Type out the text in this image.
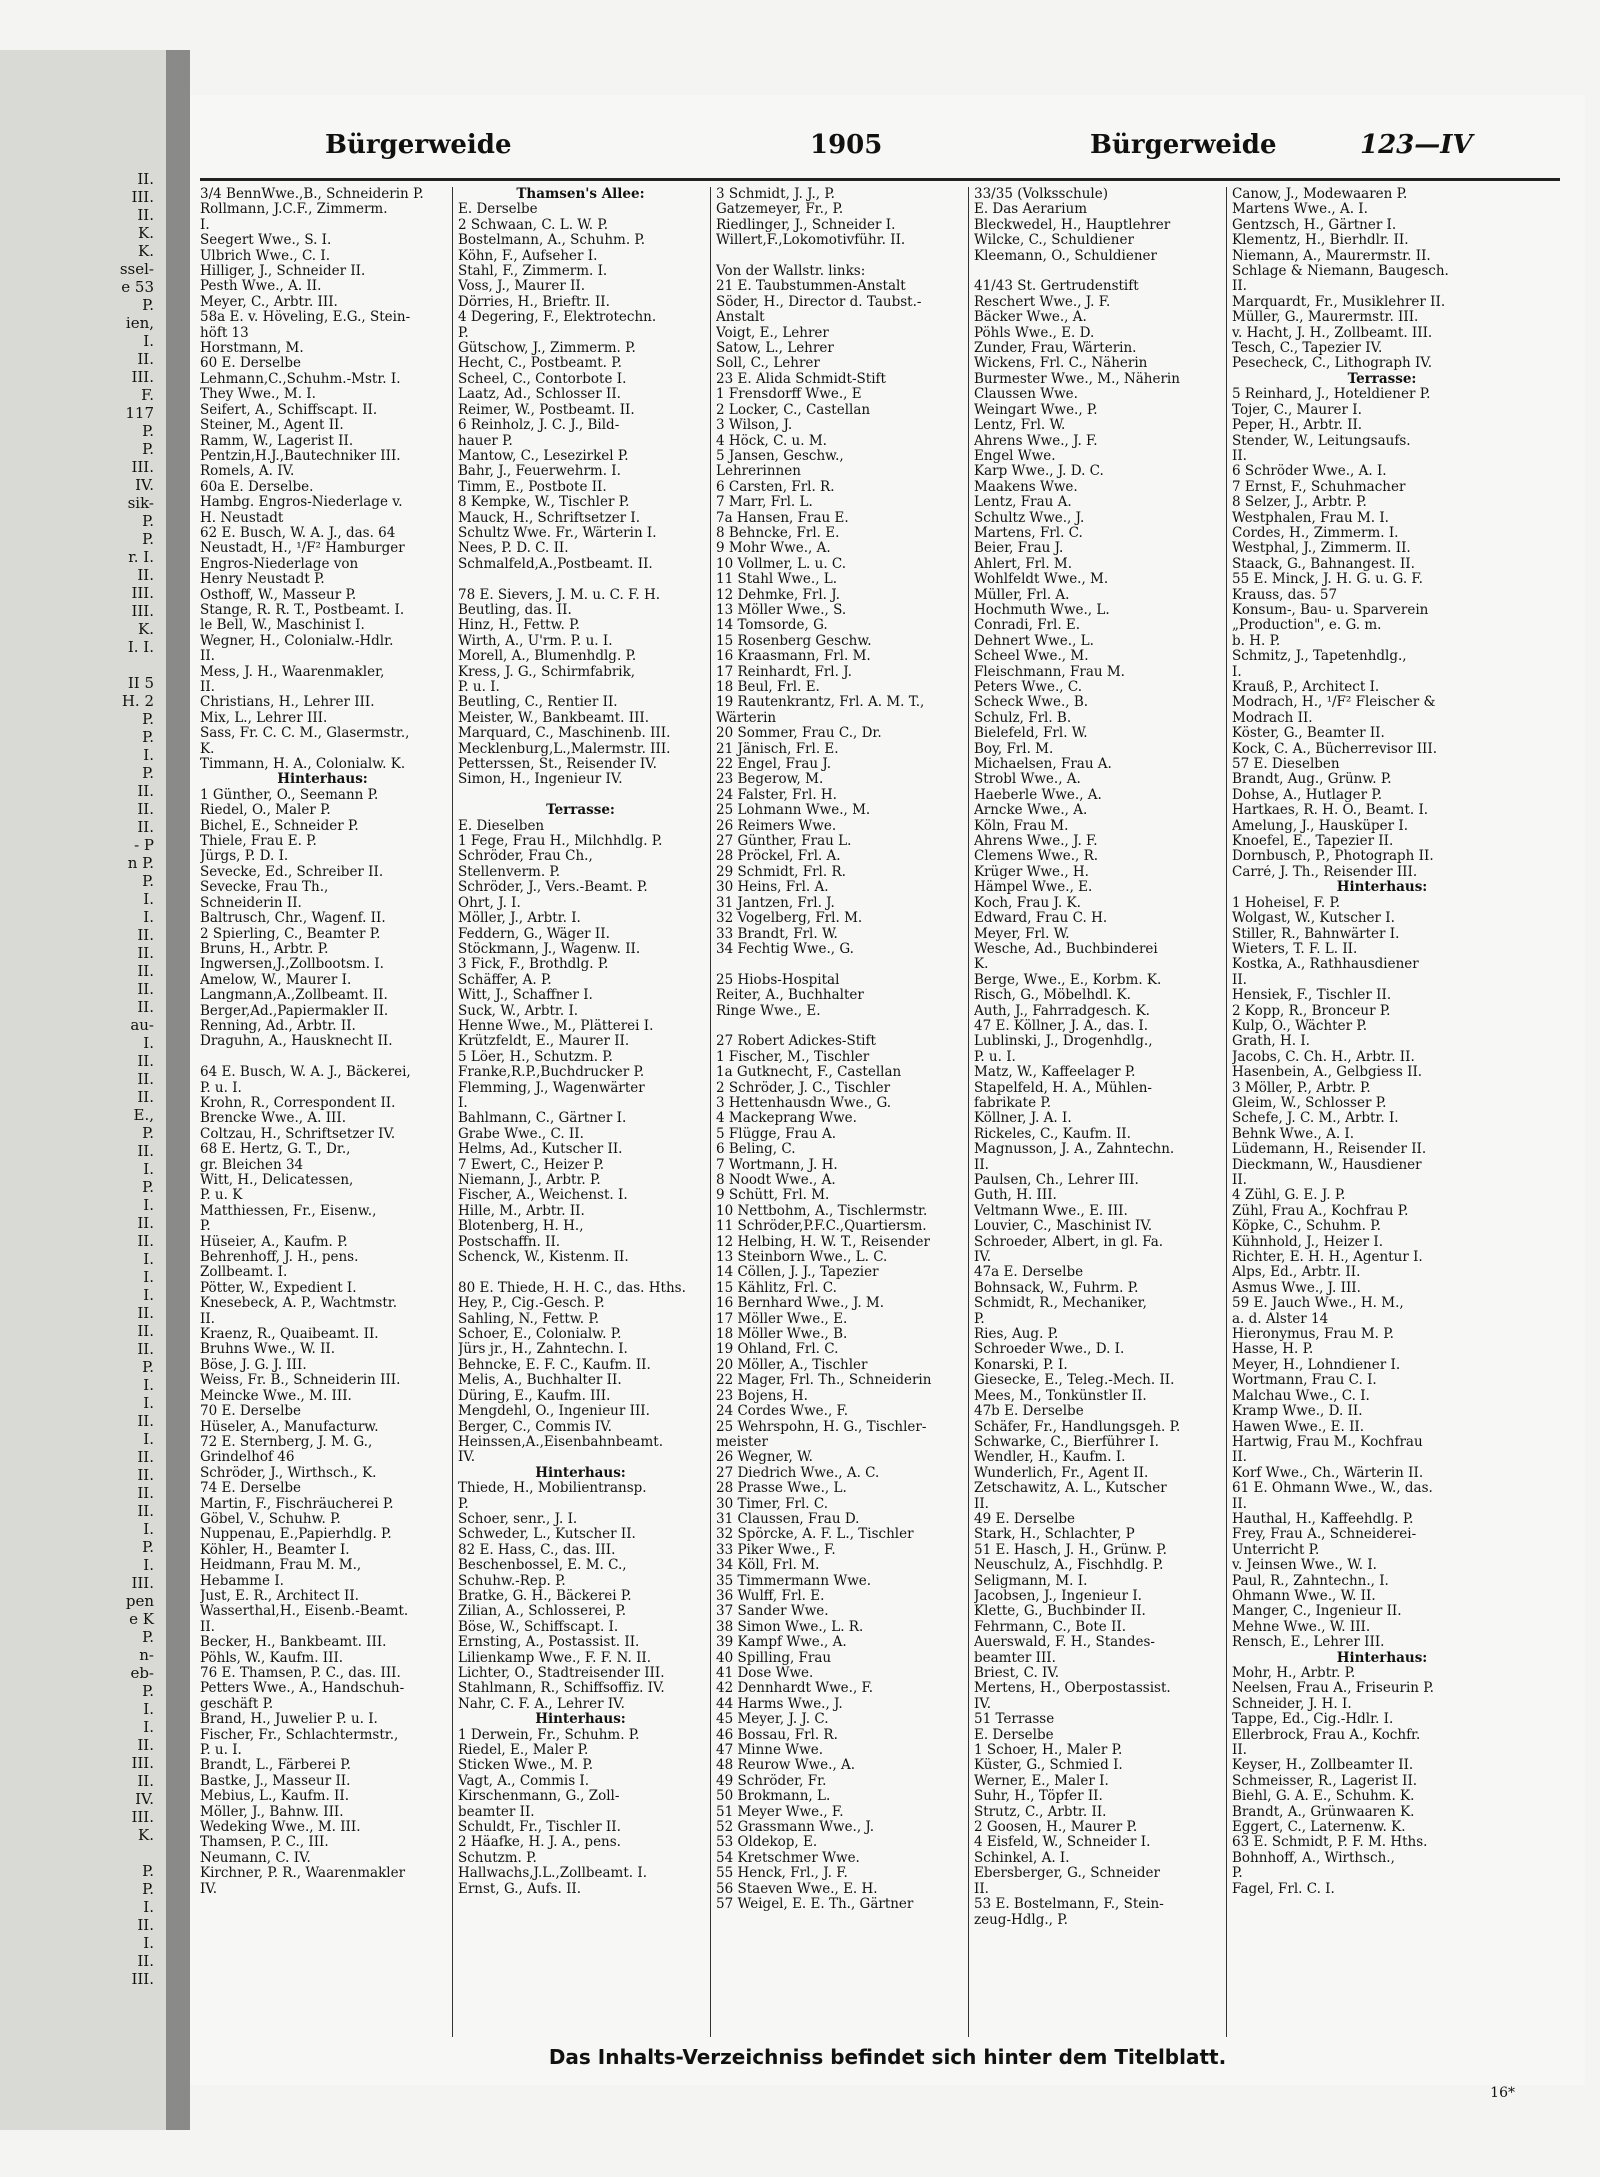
II.
III.
II.
K.
K.
ssel-
e 53
P.
ien,
I.
II.
III.
F.
117
P.
P.
III.
IV.
sik-
P.
P.
r. I.
II.
III.
III.
K.
I. I.

II 5
H. 2
P.
P.
I.
P.
II.
II.
II.
- P
n P.
P.
I.
I.
II.
II.
II.
II.
II.
au-
I.
II.
II.
II.
E.,
P.
II.
I.
P.
I.
II.
II.
I.
I.
I.
II.
II.
II.
P.
I.
I.
II.
I.
II.
II.
II.
II.
I.
P.
I.
III.
pen
e K
P.
n-
eb-
P.
I.
I.
II.
III.
II.
IV.
III.
K.

P.
P.
I.
II.
I.
II.
III.
Bürgerweide	1905	Bürgerweide	123—IV
3/4 BennWwe.,B., Schneiderin P.
Rollmann, J.C.F., Zimmerm.
I.
Seegert Wwe., S. I.
Ulbrich Wwe., C. I.
Hilliger, J., Schneider II.
Pesth Wwe., A. II.
Meyer, C., Arbtr. III.
58a E. v. Höveling, E.G., Stein-
höft 13
Horstmann, M.
60 E. Derselbe
Lehmann,C.,Schuhm.-Mstr. I.
They Wwe., M. I.
Seifert, A., Schiffscapt. II.
Steiner, M., Agent II.
Ramm, W., Lagerist II.
Pentzin,H.J.,Bautechniker III.
Romels, A. IV.
60a E. Derselbe.
Hambg. Engros-Niederlage v.
H. Neustadt
62 E. Busch, W. A. J., das. 64
Neustadt, H., ¹/F² Hamburger
Engros-Niederlage von
Henry Neustadt P.
Osthoff, W., Masseur P.
Stange, R. R. T., Postbeamt. I.
le Bell, W., Maschinist I.
Wegner, H., Colonialw.-Hdlr.
II.
Mess, J. H., Waarenmakler,
II.
Christians, H., Lehrer III.
Mix, L., Lehrer III.
Sass, Fr. C. C. M., Glasermstr.,
K.
Timmann, H. A., Colonialw. K.
Hinterhaus:
1 Günther, O., Seemann P.
Riedel, O., Maler P.
Bichel, E., Schneider P.
Thiele, Frau E. P.
Jürgs, P. D. I.
Sevecke, Ed., Schreiber II.
Sevecke, Frau Th.,
Schneiderin II.
Baltrusch, Chr., Wagenf. II.
2 Spierling, C., Beamter P.
Bruns, H., Arbtr. P.
Ingwersen,J.,Zollbootsm. I.
Amelow, W., Maurer I.
Langmann,A.,Zollbeamt. II.
Berger,Ad.,Papiermakler II.
Renning, Ad., Arbtr. II.
Draguhn, A., Hausknecht II.

64 E. Busch, W. A. J., Bäckerei,
P. u. I.
Krohn, R., Correspondent II.
Brencke Wwe., A. III.
Coltzau, H., Schriftsetzer IV.
68 E. Hertz, G. T., Dr.,
gr. Bleichen 34
Witt, H., Delicatessen,
P. u. K
Matthiessen, Fr., Eisenw.,
P.
Hüseier, A., Kaufm. P.
Behrenhoff, J. H., pens.
Zollbeamt. I.
Pötter, W., Expedient I.
Knesebeck, A. P., Wachtmstr.
II.
Kraenz, R., Quaibeamt. II.
Bruhns Wwe., W. II.
Böse, J. G. J. III.
Weiss, Fr. B., Schneiderin III.
Meincke Wwe., M. III.
70 E. Derselbe
Hüseler, A., Manufacturw.
72 E. Sternberg, J. M. G.,
Grindelhof 46
Schröder, J., Wirthsch., K.
74 E. Derselbe
Martin, F., Fischräucherei P.
Göbel, V., Schuhw. P.
Nuppenau, E.,Papierhdlg. P.
Köhler, H., Beamter I.
Heidmann, Frau M. M.,
Hebamme I.
Just, E. R., Architect II.
Wasserthal,H., Eisenb.-Beamt.
II.
Becker, H., Bankbeamt. III.
Pöhls, W., Kaufm. III.
76 E. Thamsen, P. C., das. III.
Petters Wwe., A., Handschuh-
geschäft P.
Brand, H., Juwelier P. u. I.
Fischer, Fr., Schlachtermstr.,
P. u. I.
Brandt, L., Färberei P.
Bastke, J., Masseur II.
Mebius, L., Kaufm. II.
Möller, J., Bahnw. III.
Wedeking Wwe., M. III.
Thamsen, P. C., III.
Neumann, C. IV.
Kirchner, P. R., Waarenmakler
IV.
Thamsen's Allee:
E. Derselbe
2 Schwaan, C. L. W. P.
Bostelmann, A., Schuhm. P.
Köhn, F., Aufseher I.
Stahl, F., Zimmerm. I.
Voss, J., Maurer II.
Dörries, H., Brieftr. II.
4 Degering, F., Elektrotechn.
P.
Gütschow, J., Zimmerm. P.
Hecht, C., Postbeamt. P.
Scheel, C., Contorbote I.
Laatz, Ad., Schlosser II.
Reimer, W., Postbeamt. II.
6 Reinholz, J. C. J., Bild-
hauer P.
Mantow, C., Lesezirkel P.
Bahr, J., Feuerwehrm. I.
Timm, E., Postbote II.
8 Kempke, W., Tischler P.
Mauck, H., Schriftsetzer I.
Schultz Wwe. Fr., Wärterin I.
Nees, P. D. C. II.
Schmalfeld,A.,Postbeamt. II.

78 E. Sievers, J. M. u. C. F. H.
Beutling, das. II.
Hinz, H., Fettw. P.
Wirth, A., U'rm. P. u. I.
Morell, A., Blumenhdlg. P.
Kress, J. G., Schirmfabrik,
P. u. I.
Beutling, C., Rentier II.
Meister, W., Bankbeamt. III.
Marquard, C., Maschinenb. III.
Mecklenburg,L.,Malermstr. III.
Petterssen, St., Reisender IV.
Simon, H., Ingenieur IV.

Terrasse:
E. Dieselben
1 Fege, Frau H., Milchhdlg. P.
Schröder, Frau Ch.,
Stellenverm. P.
Schröder, J., Vers.-Beamt. P.
Ohrt, J. I.
Möller, J., Arbtr. I.
Feddern, G., Wäger II.
Stöckmann, J., Wagenw. II.
3 Fick, F., Brothdlg. P.
Schäffer, A. P.
Witt, J., Schaffner I.
Suck, W., Arbtr. I.
Henne Wwe., M., Plätterei I.
Krützfeldt, E., Maurer II.
5 Löer, H., Schutzm. P.
Franke,R.P.,Buchdrucker P.
Flemming, J., Wagenwärter
I.
Bahlmann, C., Gärtner I.
Grabe Wwe., C. II.
Helms, Ad., Kutscher II.
7 Ewert, C., Heizer P.
Niemann, J., Arbtr. P.
Fischer, A., Weichenst. I.
Hille, M., Arbtr. II.
Blotenberg, H. H.,
Postschaffn. II.
Schenck, W., Kistenm. II.

80 E. Thiede, H. H. C., das. Hths.
Hey, P., Cig.-Gesch. P.
Sahling, N., Fettw. P.
Schoer, E., Colonialw. P.
Jürs jr., H., Zahntechn. I.
Behncke, E. F. C., Kaufm. II.
Melis, A., Buchhalter II.
Düring, E., Kaufm. III.
Mengdehl, O., Ingenieur III.
Berger, C., Commis IV.
Heinssen,A.,Eisenbahnbeamt.
IV.
Hinterhaus:
Thiede, H., Mobilientransp.
P.
Schoer, senr., J. I.
Schweder, L., Kutscher II.
82 E. Hass, C., das. III.
Beschenbossel, E. M. C.,
Schuhw.-Rep. P.
Bratke, G. H., Bäckerei P.
Zilian, A., Schlosserei, P.
Böse, W., Schiffscapt. I.
Ernsting, A., Postassist. II.
Lilienkamp Wwe., F. F. N. II.
Lichter, O., Stadtreisender III.
Stahlmann, R., Schiffsoffiz. IV.
Nahr, C. F. A., Lehrer IV.
Hinterhaus:
1 Derwein, Fr., Schuhm. P.
Riedel, E., Maler P.
Sticken Wwe., M. P.
Vagt, A., Commis I.
Kirschenmann, G., Zoll-
beamter II.
Schuldt, Fr., Tischler II.
2 Häafke, H. J. A., pens.
Schutzm. P.
Hallwachs,J.L.,Zollbeamt. I.
Ernst, G., Aufs. II.
3 Schmidt, J. J., P.
Gatzemeyer, Fr., P.
Riedlinger, J., Schneider I.
Willert,F.,Lokomotivführ. II.

Von der Wallstr. links:
21 E. Taubstummen-Anstalt
Söder, H., Director d. Taubst.-
Anstalt
Voigt, E., Lehrer
Satow, L., Lehrer
Soll, C., Lehrer
23 E. Alida Schmidt-Stift
1 Frensdorff Wwe., E
2 Locker, C., Castellan
3 Wilson, J.
4 Höck, C. u. M.
5 Jansen, Geschw.,
Lehrerinnen
6 Carsten, Frl. R.
7 Marr, Frl. L.
7a Hansen, Frau E.
8 Behncke, Frl. E.
9 Mohr Wwe., A.
10 Vollmer, L. u. C.
11 Stahl Wwe., L.
12 Dehmke, Frl. J.
13 Möller Wwe., S.
14 Tomsorde, G.
15 Rosenberg Geschw.
16 Kraasmann, Frl. M.
17 Reinhardt, Frl. J.
18 Beul, Frl. E.
19 Rautenkrantz, Frl. A. M. T.,
Wärterin
20 Sommer, Frau C., Dr.
21 Jänisch, Frl. E.
22 Engel, Frau J.
23 Begerow, M.
24 Falster, Frl. H.
25 Lohmann Wwe., M.
26 Reimers Wwe.
27 Günther, Frau L.
28 Pröckel, Frl. A.
29 Schmidt, Frl. R.
30 Heins, Frl. A.
31 Jantzen, Frl. J.
32 Vogelberg, Frl. M.
33 Brandt, Frl. W.
34 Fechtig Wwe., G.

25 Hiobs-Hospital
Reiter, A., Buchhalter
Ringe Wwe., E.

27 Robert Adickes-Stift
1 Fischer, M., Tischler
1a Gutknecht, F., Castellan
2 Schröder, J. C., Tischler
3 Hettenhausdn Wwe., G.
4 Mackeprang Wwe.
5 Flügge, Frau A.
6 Beling, C.
7 Wortmann, J. H.
8 Noodt Wwe., A.
9 Schütt, Frl. M.
10 Nettbohm, A., Tischlermstr.
11 Schröder,P.F.C.,Quartiersm.
12 Helbing, H. W. T., Reisender
13 Steinborn Wwe., L. C.
14 Cöllen, J. J., Tapezier
15 Kählitz, Frl. C.
16 Bernhard Wwe., J. M.
17 Möller Wwe., E.
18 Möller Wwe., B.
19 Ohland, Frl. C.
20 Möller, A., Tischler
22 Mager, Frl. Th., Schneiderin
23 Bojens, H.
24 Cordes Wwe., F.
25 Wehrspohn, H. G., Tischler-
meister
26 Wegner, W.
27 Diedrich Wwe., A. C.
28 Prasse Wwe., L.
30 Timer, Frl. C.
31 Claussen, Frau D.
32 Spörcke, A. F. L., Tischler
33 Piker Wwe., F.
34 Köll, Frl. M.
35 Timmermann Wwe.
36 Wulff, Frl. E.
37 Sander Wwe.
38 Simon Wwe., L. R.
39 Kampf Wwe., A.
40 Spilling, Frau
41 Dose Wwe.
42 Dennhardt Wwe., F.
44 Harms Wwe., J.
45 Meyer, J. J. C.
46 Bossau, Frl. R.
47 Minne Wwe.
48 Reurow Wwe., A.
49 Schröder, Fr.
50 Brokmann, L.
51 Meyer Wwe., F.
52 Grassmann Wwe., J.
53 Oldekop, E.
54 Kretschmer Wwe.
55 Henck, Frl., J. F.
56 Staeven Wwe., E. H.
57 Weigel, E. E. Th., Gärtner
33/35 (Volksschule)
E. Das Aerarium
Bleckwedel, H., Hauptlehrer
Wilcke, C., Schuldiener
Kleemann, O., Schuldiener

41/43 St. Gertrudenstift
Reschert Wwe., J. F.
Bäcker Wwe., A.
Pöhls Wwe., E. D.
Zunder, Frau, Wärterin.
Wickens, Frl. C., Näherin
Burmester Wwe., M., Näherin
Claussen Wwe.
Weingart Wwe., P.
Lentz, Frl. W.
Ahrens Wwe., J. F.
Engel Wwe.
Karp Wwe., J. D. C.
Maakens Wwe.
Lentz, Frau A.
Schultz Wwe., J.
Martens, Frl. C.
Beier, Frau J.
Ahlert, Frl. M.
Wohlfeldt Wwe., M.
Müller, Frl. A.
Hochmuth Wwe., L.
Conradi, Frl. E.
Dehnert Wwe., L.
Scheel Wwe., M.
Fleischmann, Frau M.
Peters Wwe., C.
Scheck Wwe., B.
Schulz, Frl. B.
Bielefeld, Frl. W.
Boy, Frl. M.
Michaelsen, Frau A.
Strobl Wwe., A.
Haeberle Wwe., A.
Arncke Wwe., A.
Köln, Frau M.
Ahrens Wwe., J. F.
Clemens Wwe., R.
Krüger Wwe., H.
Hämpel Wwe., E.
Koch, Frau J. K.
Edward, Frau C. H.
Meyer, Frl. W.
Wesche, Ad., Buchbinderei
K.
Berge, Wwe., E., Korbm. K.
Risch, G., Möbelhdl. K.
Auth, J., Fahrradgesch. K.
47 E. Köllner, J. A., das. I.
Lublinski, J., Drogenhdlg.,
P. u. I.
Matz, W., Kaffeelager P.
Stapelfeld, H. A., Mühlen-
fabrikate P.
Köllner, J. A. I.
Rickeles, C., Kaufm. II.
Magnusson, J. A., Zahntechn.
II.
Paulsen, Ch., Lehrer III.
Guth, H. III.
Veltmann Wwe., E. III.
Louvier, C., Maschinist IV.
Schroeder, Albert, in gl. Fa.
IV.
47a E. Derselbe
Bohnsack, W., Fuhrm. P.
Schmidt, R., Mechaniker,
P.
Ries, Aug. P.
Schroeder Wwe., D. I.
Konarski, P. I.
Giesecke, E., Teleg.-Mech. II.
Mees, M., Tonkünstler II.
47b E. Derselbe
Schäfer, Fr., Handlungsgeh. P.
Schwarke, C., Bierführer I.
Wendler, H., Kaufm. I.
Wunderlich, Fr., Agent II.
Zetschawitz, A. L., Kutscher
II.
49 E. Derselbe
Stark, H., Schlachter, P
51 E. Hasch, J. H., Grünw. P.
Neuschulz, A., Fischhdlg. P.
Seligmann, M. I.
Jacobsen, J., Ingenieur I.
Klette, G., Buchbinder II.
Fehrmann, C., Bote II.
Auerswald, F. H., Standes-
beamter III.
Briest, C. IV.
Mertens, H., Oberpostassist.
IV.
51 Terrasse
E. Derselbe
1 Schoer, H., Maler P.
Küster, G., Schmied I.
Werner, E., Maler I.
Suhr, H., Töpfer II.
Strutz, C., Arbtr. II.
2 Goosen, H., Maurer P.
4 Eisfeld, W., Schneider I.
Schinkel, A. I.
Ebersberger, G., Schneider
II.
53 E. Bostelmann, F., Stein-
zeug-Hdlg., P.
Canow, J., Modewaaren P.
Martens Wwe., A. I.
Gentzsch, H., Gärtner I.
Klementz, H., Bierhdlr. II.
Niemann, A., Maurermstr. II.
Schlage & Niemann, Baugesch.
II.
Marquardt, Fr., Musiklehrer II.
Müller, G., Maurermstr. III.
v. Hacht, J. H., Zollbeamt. III.
Tesch, C., Tapezier IV.
Pesecheck, C., Lithograph IV.
Terrasse:
5 Reinhard, J., Hoteldiener P.
Tojer, C., Maurer I.
Peper, H., Arbtr. II.
Stender, W., Leitungsaufs.
II.
6 Schröder Wwe., A. I.
7 Ernst, F., Schuhmacher
8 Selzer, J., Arbtr. P.
Westphalen, Frau M. I.
Cordes, H., Zimmerm. I.
Westphal, J., Zimmerm. II.
Staack, G., Bahnangest. II.
55 E. Minck, J. H. G. u. G. F.
Krauss, das. 57
Konsum-, Bau- u. Sparverein
„Production", e. G. m.
b. H. P.
Schmitz, J., Tapetenhdlg.,
I.
Krauß, P., Architect I.
Modrach, H., ¹/F² Fleischer &
Modrach II.
Köster, G., Beamter II.
Kock, C. A., Bücherrevisor III.
57 E. Dieselben
Brandt, Aug., Grünw. P.
Dohse, A., Hutlager P.
Hartkaes, R. H. O., Beamt. I.
Amelung, J., Hausküper I.
Knoefel, E., Tapezier II.
Dornbusch, P., Photograph II.
Carré, J. Th., Reisender III.
Hinterhaus:
1 Hoheisel, F. P.
Wolgast, W., Kutscher I.
Stiller, R., Bahnwärter I.
Wieters, T. F. L. II.
Kostka, A., Rathhausdiener
II.
Hensiek, F., Tischler II.
2 Kopp, R., Bronceur P.
Kulp, O., Wächter P.
Grath, H. I.
Jacobs, C. Ch. H., Arbtr. II.
Hasenbein, A., Gelbgiess II.
3 Möller, P., Arbtr. P.
Gleim, W., Schlosser P.
Schefe, J. C. M., Arbtr. I.
Behnk Wwe., A. I.
Lüdemann, H., Reisender II.
Dieckmann, W., Hausdiener
II.
4 Zühl, G. E. J. P.
Zühl, Frau A., Kochfrau P.
Köpke, C., Schuhm. P.
Kühnhold, J., Heizer I.
Richter, E. H. H., Agentur I.
Alps, Ed., Arbtr. II.
Asmus Wwe., J. III.
59 E. Jauch Wwe., H. M.,
a. d. Alster 14
Hieronymus, Frau M. P.
Hasse, H. P.
Meyer, H., Lohndiener I.
Wortmann, Frau C. I.
Malchau Wwe., C. I.
Kramp Wwe., D. II.
Hawen Wwe., E. II.
Hartwig, Frau M., Kochfrau
II.
Korf Wwe., Ch., Wärterin II.
61 E. Ohmann Wwe., W., das.
II.
Hauthal, H., Kaffeehdlg. P.
Frey, Frau A., Schneiderei-
Unterricht P.
v. Jeinsen Wwe., W. I.
Paul, R., Zahntechn., I.
Ohmann Wwe., W. II.
Manger, C., Ingenieur II.
Mehne Wwe., W. III.
Rensch, E., Lehrer III.
Hinterhaus:
Mohr, H., Arbtr. P.
Neelsen, Frau A., Friseurin P.
Schneider, J. H. I.
Tappe, Ed., Cig.-Hdlr. I.
Ellerbrock, Frau A., Kochfr.
II.
Keyser, H., Zollbeamter II.
Schmeisser, R., Lagerist II.
Biehl, G. A. E., Schuhm. K.
Brandt, A., Grünwaaren K.
Eggert, C., Laternenw. K.
63 E. Schmidt, P. F. M. Hths.
Bohnhoff, A., Wirthsch.,
P.
Fagel, Frl. C. I.
Das Inhalts-Verzeichniss befindet sich hinter dem Titelblatt.
16*
